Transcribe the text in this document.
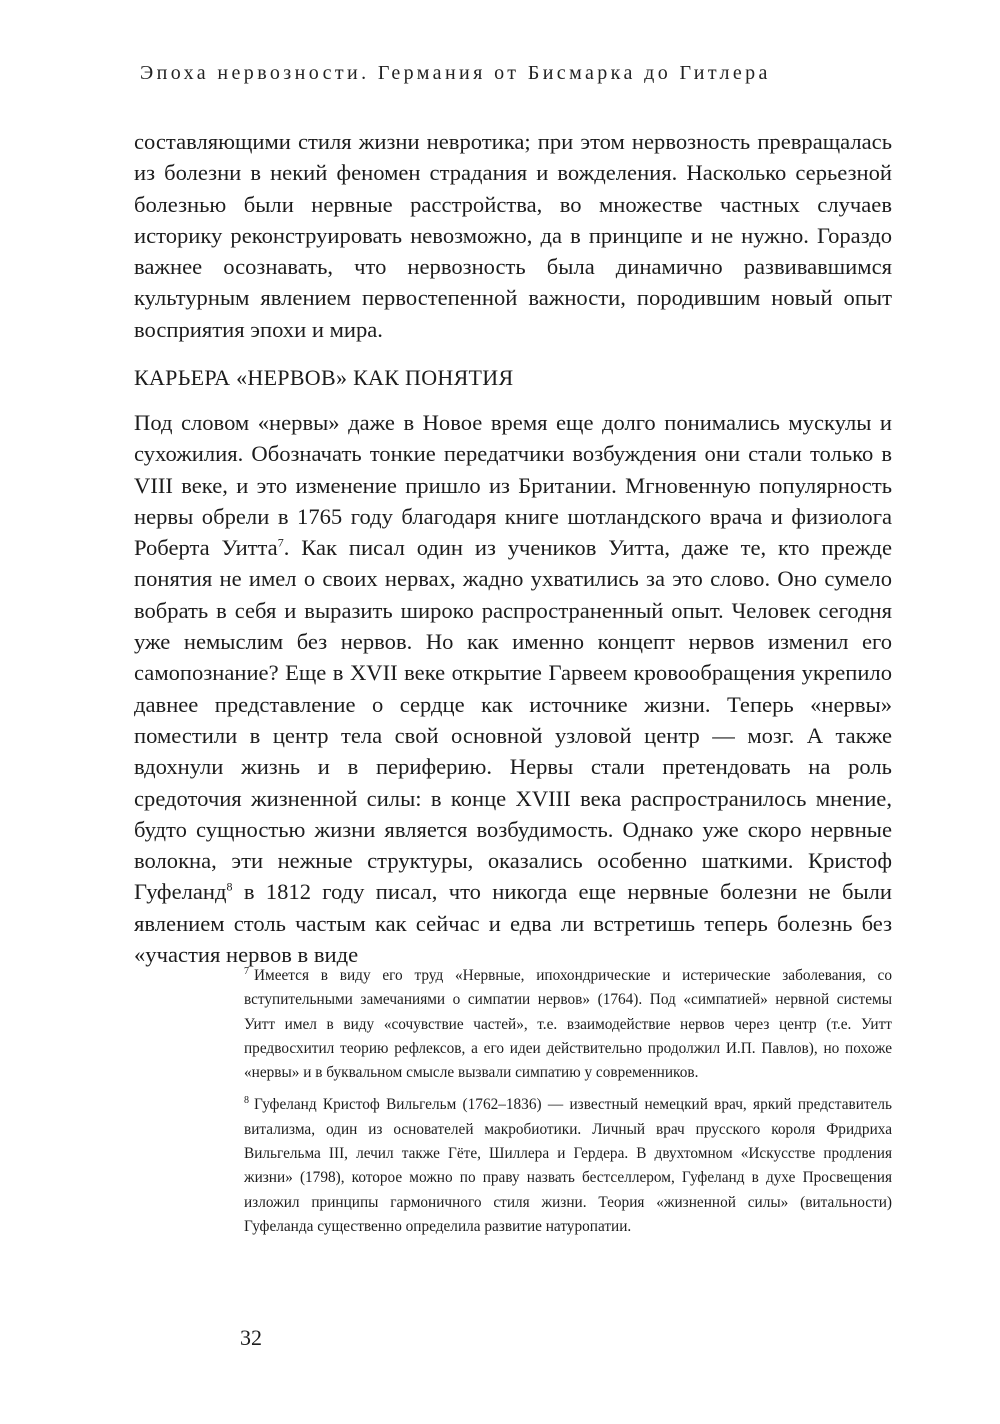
Эпоха нервозности. Германия от Бисмарка до Гитлера

составляющими стиля жизни невротика; при этом нервозность превращалась из болезни в некий феномен страдания и вожделения. Насколько серьезной болезнью были нервные расстройства, во множестве частных случаев историку реконструировать невозможно, да в принципе и не нужно. Гораздо важнее осознавать, что нервозность была динамично развивавшимся культурным явлением первостепенной важности, породившим новый опыт восприятия эпохи и мира.

КАРЬЕРА «НЕРВОВ» КАК ПОНЯТИЯ

Под словом «нервы» даже в Новое время еще долго понимались мускулы и сухожилия. Обозначать тонкие передатчики возбуждения они стали только в VIII веке, и это изменение пришло из Британии. Мгновенную популярность нервы обрели в 1765 году благодаря книге шотландского врача и физиолога Роберта Уитта$^7$. Как писал один из учеников Уитта, даже те, кто прежде понятия не имел о своих нервах, жадно ухватились за это слово. Оно сумело вобрать в себя и выразить широко распространенный опыт. Человек сегодня уже немыслим без нервов. Но как именно концепт нервов изменил его самопознание? Еще в XVII веке открытие Гарвеем кровообращения укрепило давнее представление о сердце как источнике жизни. Теперь «нервы» поместили в центр тела свой основной узловой центр — мозг. А также вдохнули жизнь и в периферию. Нервы стали претендовать на роль средоточия жизненной силы: в конце XVIII века распространилось мнение, будто сущностью жизни является возбудимость. Однако уже скоро нервные волокна, эти нежные структуры, оказались особенно шаткими. Кристоф Гуфеланд$^8$ в 1812 году писал, что никогда еще нервные болезни не были явлением столь частым как сейчас и едва ли встретишь теперь болезнь без «участия нервов в виде

$^7$ Имеется в виду его труд «Нервные, ипохондрические и истерические заболевания, со вступительными замечаниями о симпатии нервов» (1764). Под «симпатией» нервной системы Уитт имел в виду «сочувствие частей», т.е. взаимодействие нервов через центр (т.е. Уитт предвосхитил теорию рефлексов, а его идеи действительно продолжил И.П. Павлов), но похоже «нервы» и в буквальном смысле вызвали симпатию у современников.

$^8$ Гуфеланд Кристоф Вильгельм (1762–1836) — известный немецкий врач, яркий представитель витализма, один из основателей макробиотики. Личный врач прусского короля Фридриха Вильгельма III, лечил также Гёте, Шиллера и Гердера. В двухтомном «Искусстве продления жизни» (1798), которое можно по праву назвать бестселлером, Гуфеланд в духе Просвещения изложил принципы гармоничного стиля жизни. Теория «жизненной силы» (витальности) Гуфеланда существенно определила развитие натуропатии.

32
